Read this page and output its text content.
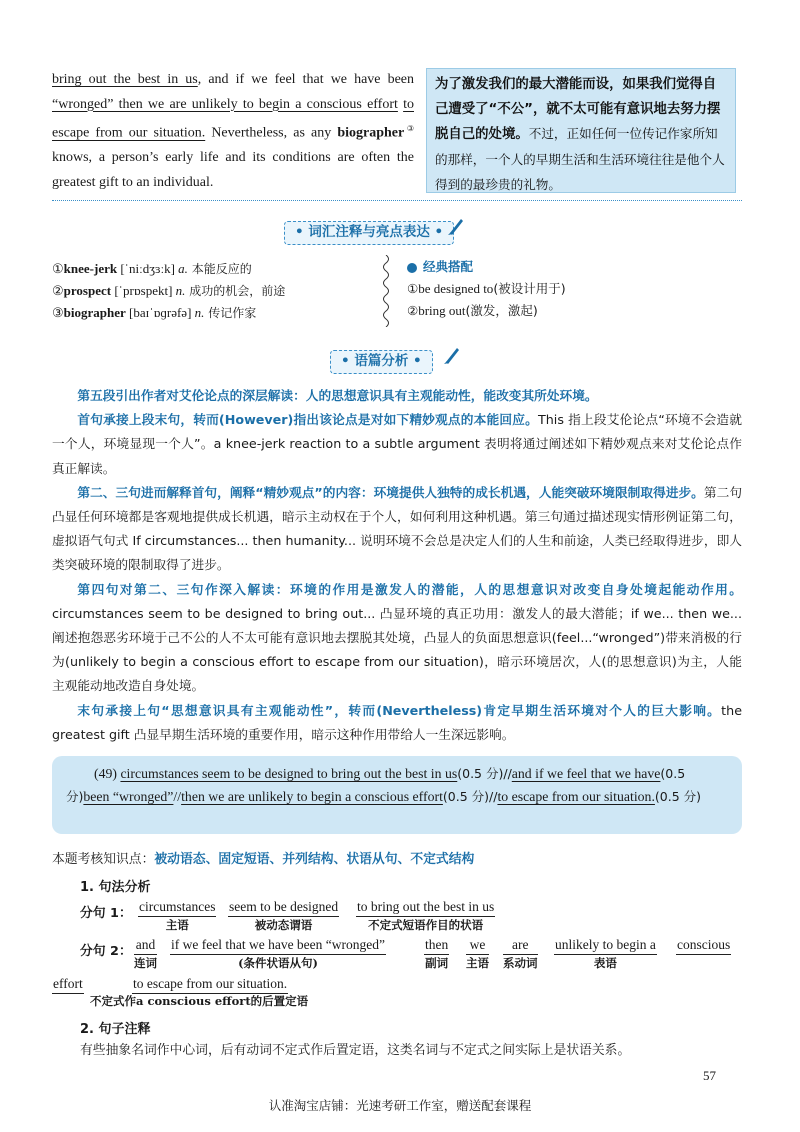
bring out the best in us, and if we feel that we have been “wronged” then we are unlikely to begin a conscious effort to escape from our situation. Nevertheless, as any biographer③ knows, a person’s early life and its conditions are often the greatest gift to an individual.
为了激发我们的最大潜能而设，如果我们觉得自己遭受了“不公”，就不太可能有意识地去努力摆脱自己的处境。不过，正如任何一位传记作家所知的那样，一个人的早期生活和生活环境往往是他个人得到的最珍贵的礼物。
• 词汇注释与亮点表达 •
①knee-jerk [ˈniːdʒɜːk] a. 本能反应的
②prospect [ˈprɒspekt] n. 成功的机会，前途
③biographer [baɪˈɒɡrəfə] n. 传记作家
经典搭配
①be designed to(被设计用于)
②bring out(激发，激起)
• 语篇分析 •

第五段引出作者对艾伦论点的深层解读：人的思想意识具有主观能动性，能改变其所处环境。

首句承接上段末句，转而(However)指出该论点是对如下精妙观点的本能回应。This 指上段艾伦论点“环境不会造就一个人，环境显现一个人”。a knee-jerk reaction to a subtle argument 表明将通过阐述如下精妙观点来对艾伦论点作真正解读。

第二、三句进而解释首句，阐释“精妙观点”的内容：环境提供人独特的成长机遇，人能突破环境限制取得进步。第二句凸显任何环境都是客观地提供成长机遇，暗示主动权在于个人，如何利用这种机遇。第三句通过描述现实情形例证第二句，虚拟语气句式 If circumstances... then humanity... 说明环境不会总是决定人们的人生和前途，人类已经取得进步，即人类突破环境的限制取得了进步。

第四句对第二、三句作深入解读：环境的作用是激发人的潜能，人的思想意识对改变自身处境起能动作用。circumstances seem to be designed to bring out... 凸显环境的真正功用：激发人的最大潜能；if we... then we... 阐述抱怨恶劣环境于己不公的人不太可能有意识地去摆脱其处境，凸显人的负面思想意识(feel...“wronged”)带来消极的行为(unlikely to begin a conscious effort to escape from our situation)，暗示环境居次，人(的思想意识)为主，人能主观能动地改造自身处境。

末句承接上句“思想意识具有主观能动性”，转而(Nevertheless)肯定早期生活环境对个人的巨大影响。the greatest gift 凸显早期生活环境的重要作用，暗示这种作用带给人一生深远影响。

(49) circumstances seem to be designed to bring out the best in us(0.5 分)//and if we feel that we have(0.5 分)been “wronged”//then we are unlikely to begin a conscious effort(0.5 分)//to escape from our situation.(0.5 分)
本题考核知识点：被动语态、固定短语、并列结构、状语从句、不定式结构
1. 句法分析
分句 1： circumstances
主语
seem to be designed
被动态谓语
to bring out the best in us
不定式短语作目的状语
分句 2： and
连词
if we feel that we have been “wronged”
(条件状语从句)
then
副词
we
主语
are
系动词
unlikely to begin a
表语
conscious
effort	to escape from our situation.
不定式作a conscious effort的后置定语
2. 句子注释
有些抽象名词作中心词，后有动词不定式作后置定语，这类名词与不定式之间实际上是状语关系。
57
认准淘宝店铺：光速考研工作室，赠送配套课程
